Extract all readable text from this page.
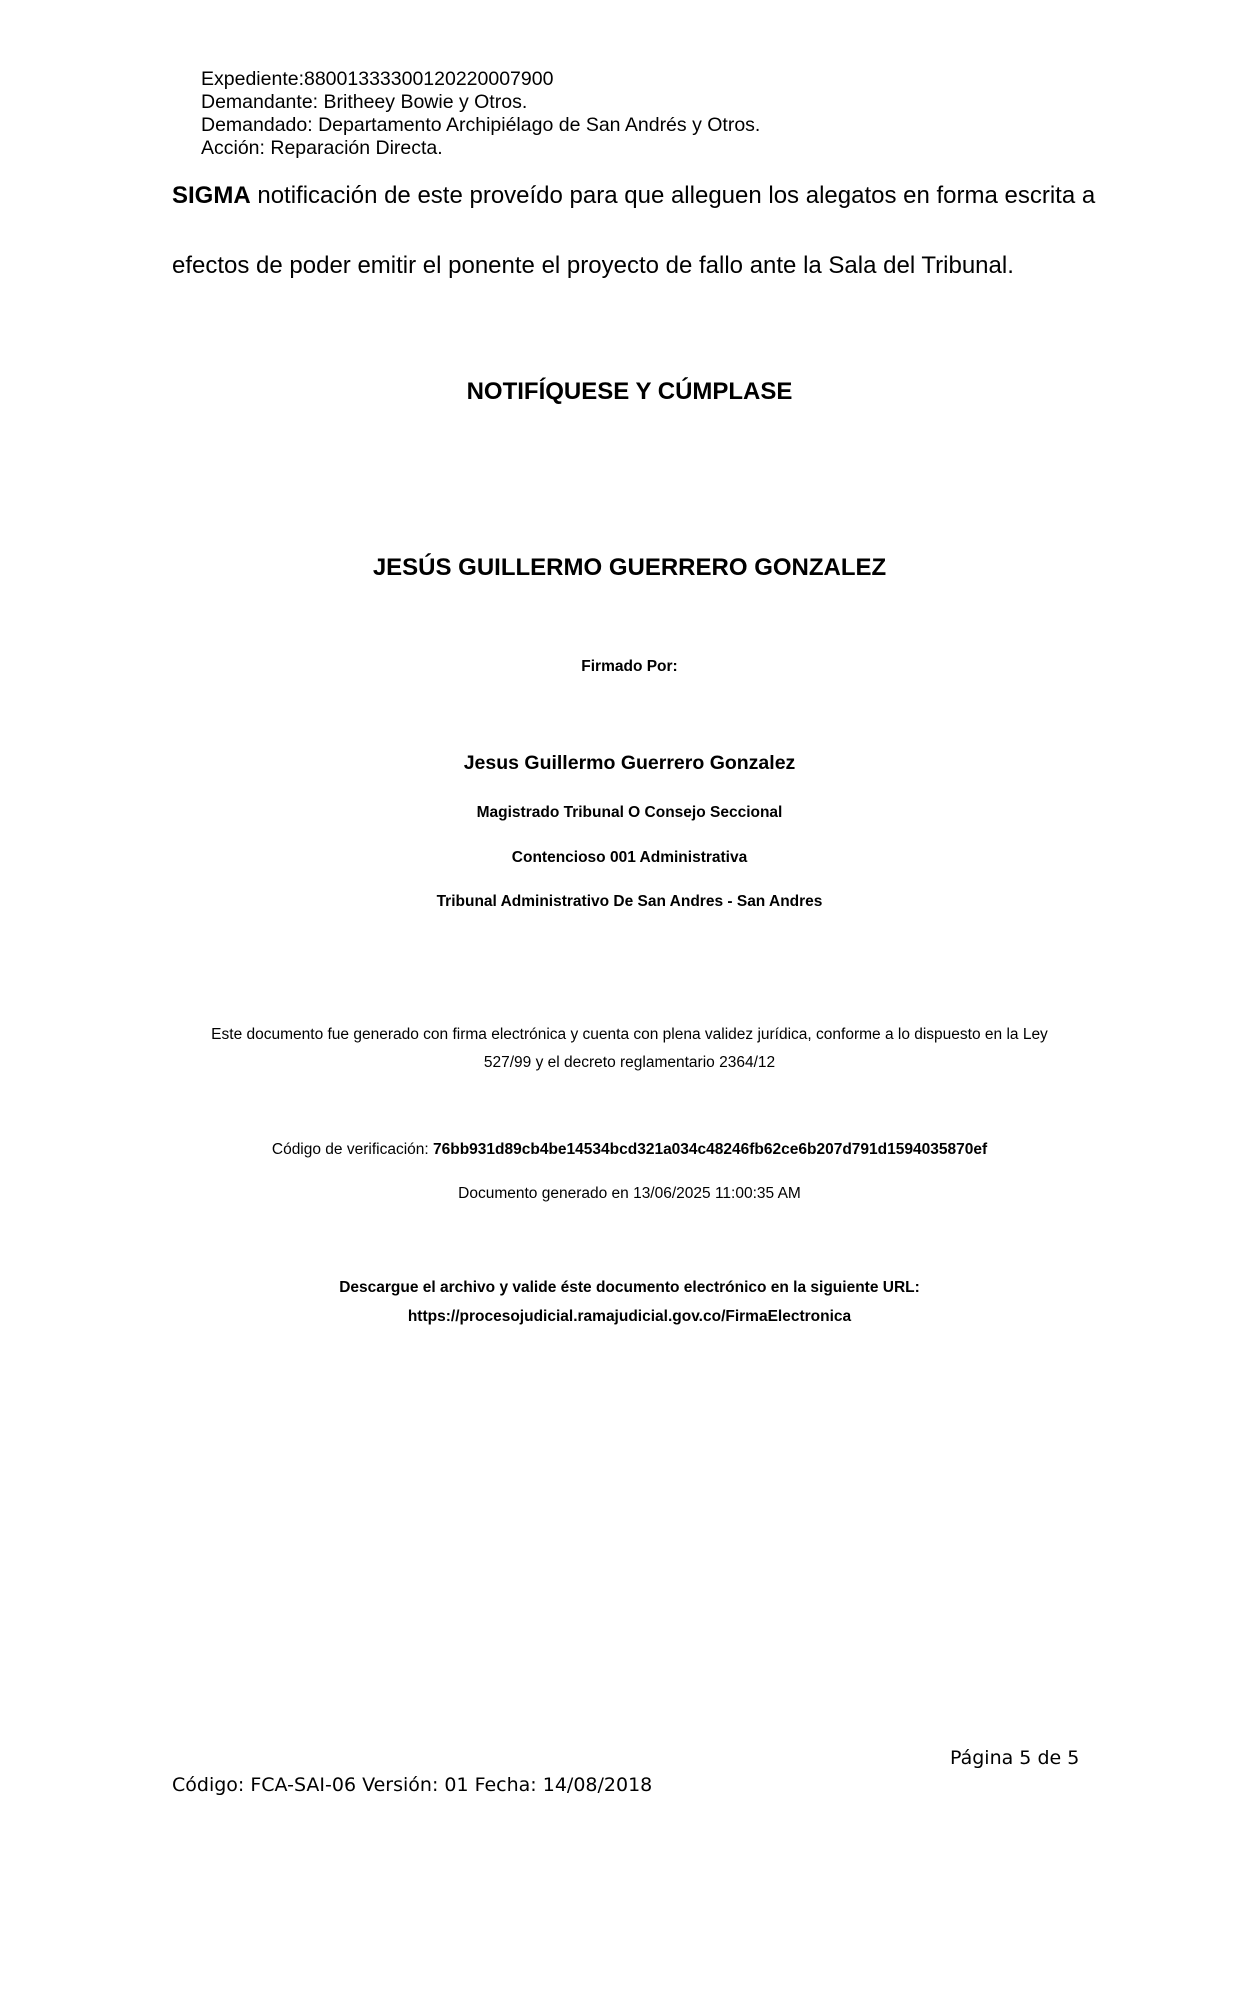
Expediente:88001333300120220007900
Demandante: Britheey Bowie y Otros.
Demandado: Departamento Archipiélago de San Andrés y Otros.
Acción: Reparación Directa.
SIGMA notificación de este proveído para que alleguen los alegatos en forma escrita a
efectos de poder emitir el ponente el proyecto de fallo ante la Sala del Tribunal.
NOTIFÍQUESE Y CÚMPLASE
JESÚS GUILLERMO GUERRERO GONZALEZ
Firmado Por:
Jesus Guillermo Guerrero Gonzalez
Magistrado Tribunal O Consejo Seccional
Contencioso 001 Administrativa
Tribunal Administrativo De San Andres - San Andres
Este documento fue generado con firma electrónica y cuenta con plena validez jurídica, conforme a lo dispuesto en la Ley
527/99 y el decreto reglamentario 2364/12
Código de verificación: 76bb931d89cb4be14534bcd321a034c48246fb62ce6b207d791d1594035870ef
Documento generado en 13/06/2025 11:00:35 AM
Descargue el archivo y valide éste documento electrónico en la siguiente URL:
https://procesojudicial.ramajudicial.gov.co/FirmaElectronica
Página 5 de 5
Código: FCA-SAI-06 Versión: 01 Fecha: 14/08/2018
